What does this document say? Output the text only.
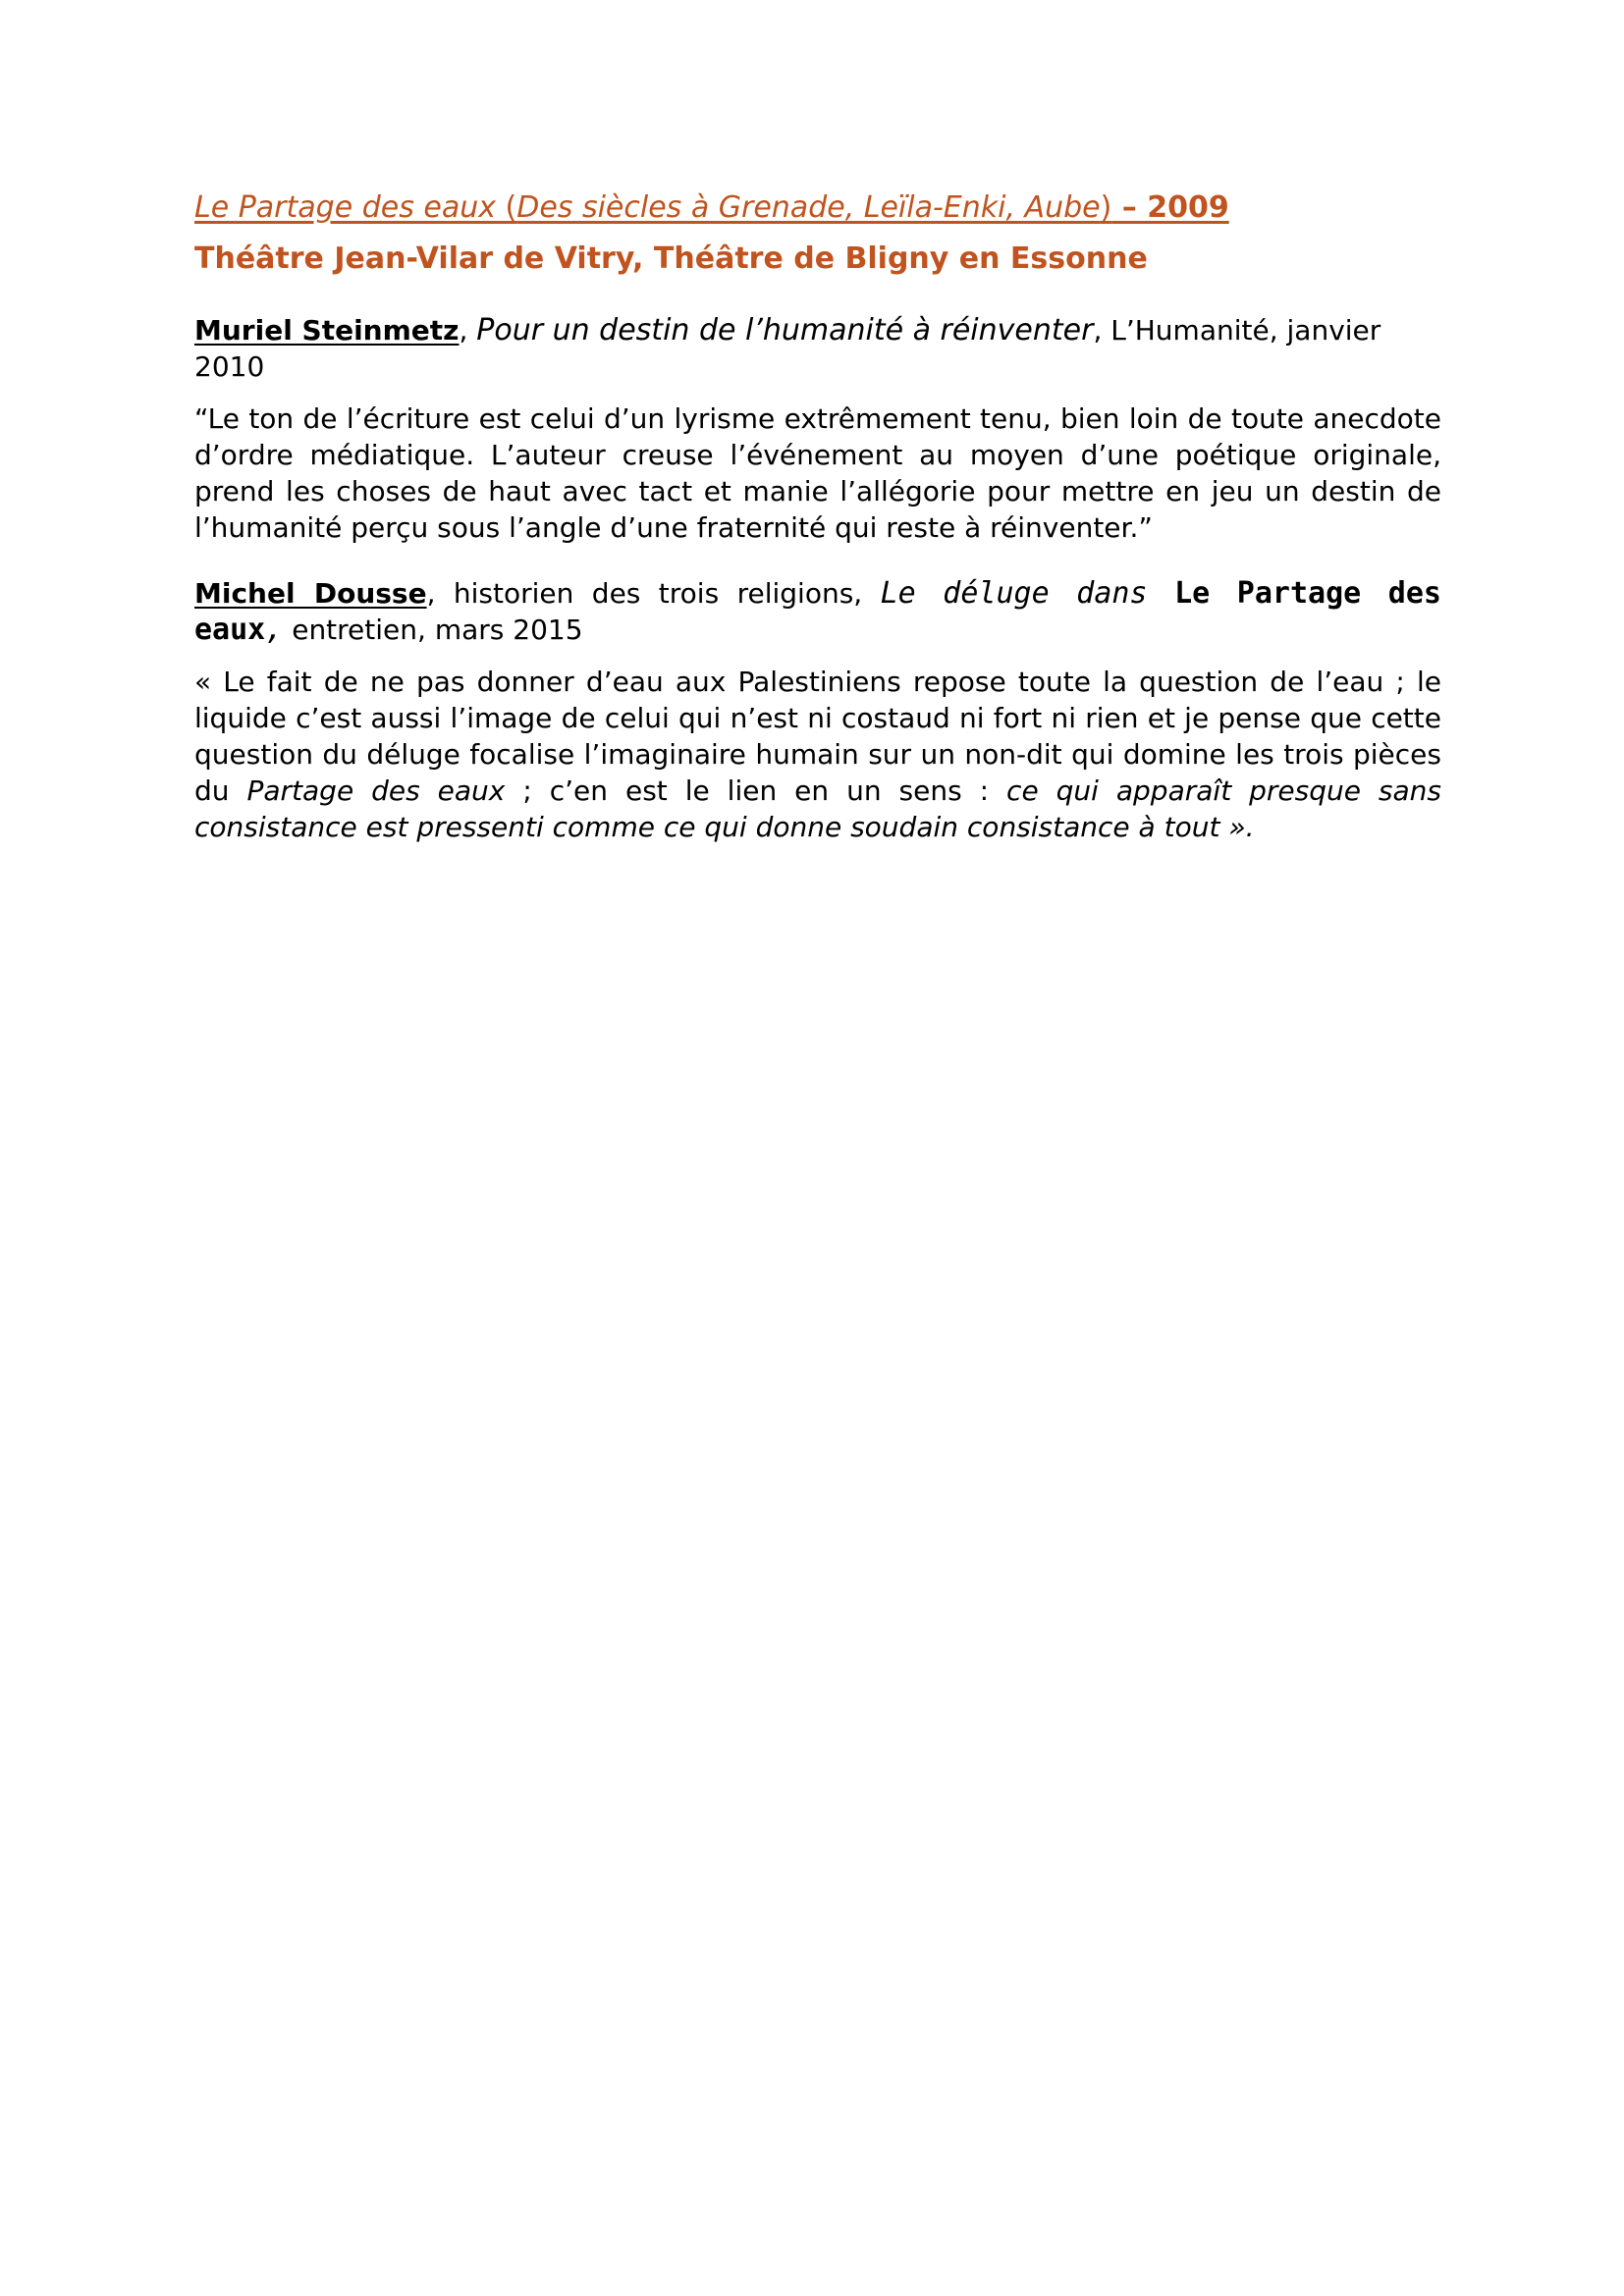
Le Partage des eaux (Des siècles à Grenade, Leïla-Enki, Aube) – 2009

Théâtre Jean-Vilar de Vitry, Théâtre de Bligny en Essonne

Muriel Steinmetz, Pour un destin de l’humanité à réinventer, L’Humanité, janvier 2010

“Le ton de l’écriture est celui d’un lyrisme extrêmement tenu, bien loin de toute anecdote d’ordre médiatique. L’auteur creuse l’événement au moyen d’une poétique originale, prend les choses de haut avec tact et manie l’allégorie pour mettre en jeu un destin de l’humanité perçu sous l’angle d’une fraternité qui reste à réinventer.”

Michel Dousse, historien des trois religions, Le déluge dans Le Partage des eaux, entretien, mars 2015

« Le fait de ne pas donner d’eau aux Palestiniens repose toute la question de l’eau ; le liquide c’est aussi l’image de celui qui n’est ni costaud ni fort ni rien et je pense que cette question du déluge focalise l’imaginaire humain sur un non-dit qui domine les trois pièces du Partage des eaux ; c’en est le lien en un sens : ce qui apparaît presque sans consistance est pressenti comme ce qui donne soudain consistance à tout ».
